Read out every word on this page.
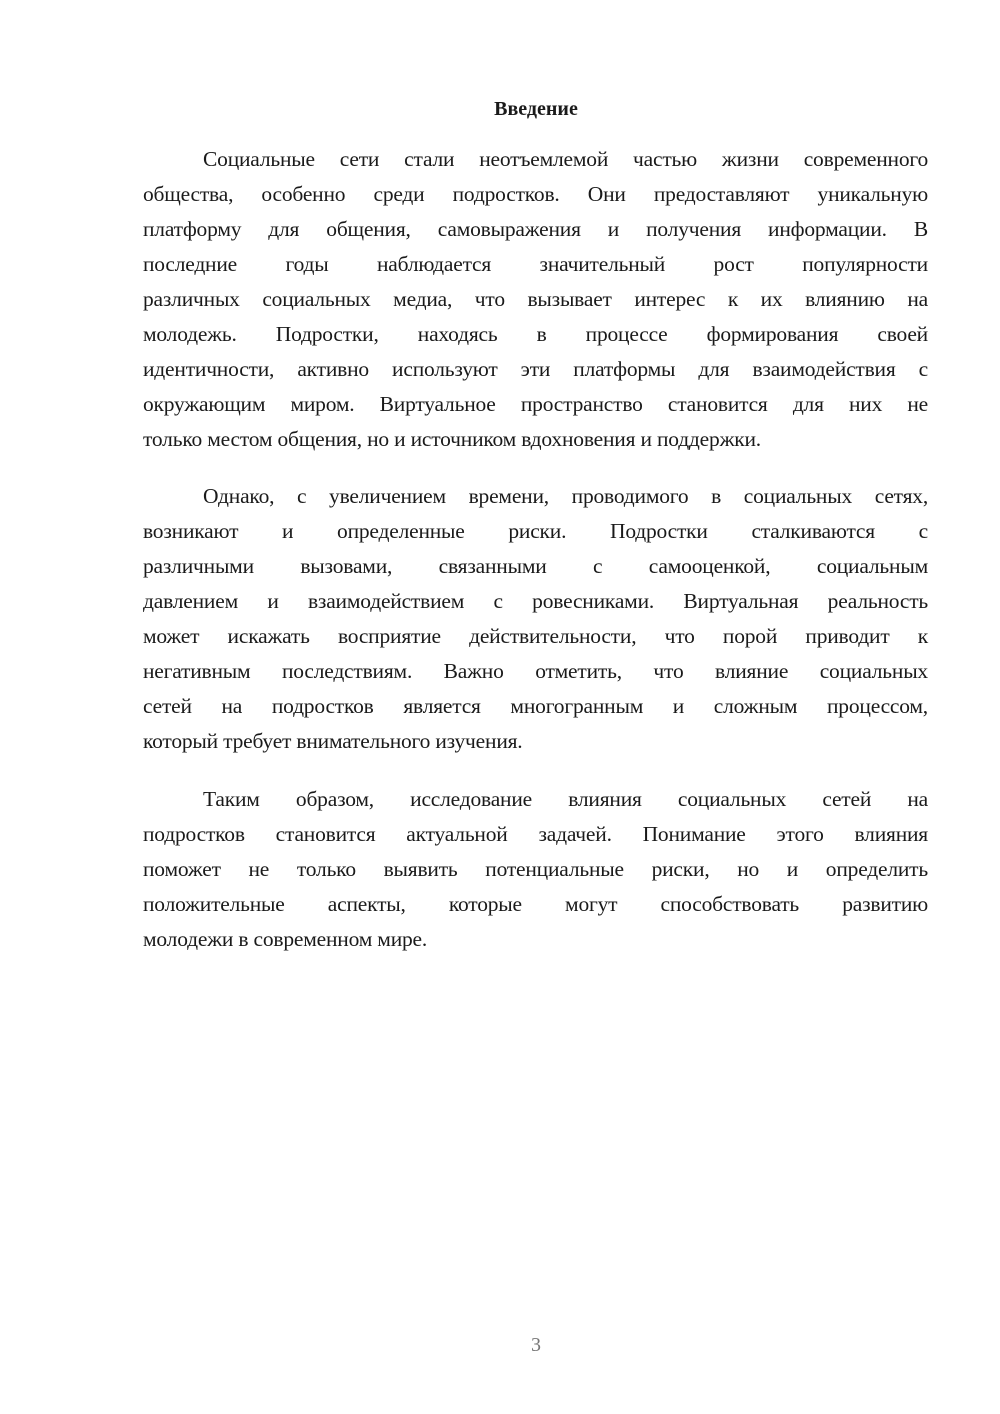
Введение
Социальные сети стали неотъемлемой частью жизни современного
общества, особенно среди подростков. Они предоставляют уникальную
платформу для общения, самовыражения и получения информации. В
последние годы наблюдается значительный рост популярности
различных социальных медиа, что вызывает интерес к их влиянию на
молодежь. Подростки, находясь в процессе формирования своей
идентичности, активно используют эти платформы для взаимодействия с
окружающим миром. Виртуальное пространство становится для них не
только местом общения, но и источником вдохновения и поддержки.
Однако, с увеличением времени, проводимого в социальных сетях,
возникают и определенные риски. Подростки сталкиваются с
различными вызовами, связанными с самооценкой, социальным
давлением и взаимодействием с ровесниками. Виртуальная реальность
может искажать восприятие действительности, что порой приводит к
негативным последствиям. Важно отметить, что влияние социальных
сетей на подростков является многогранным и сложным процессом,
который требует внимательного изучения.
Таким образом, исследование влияния социальных сетей на
подростков становится актуальной задачей. Понимание этого влияния
поможет не только выявить потенциальные риски, но и определить
положительные аспекты, которые могут способствовать развитию
молодежи в современном мире.
3
